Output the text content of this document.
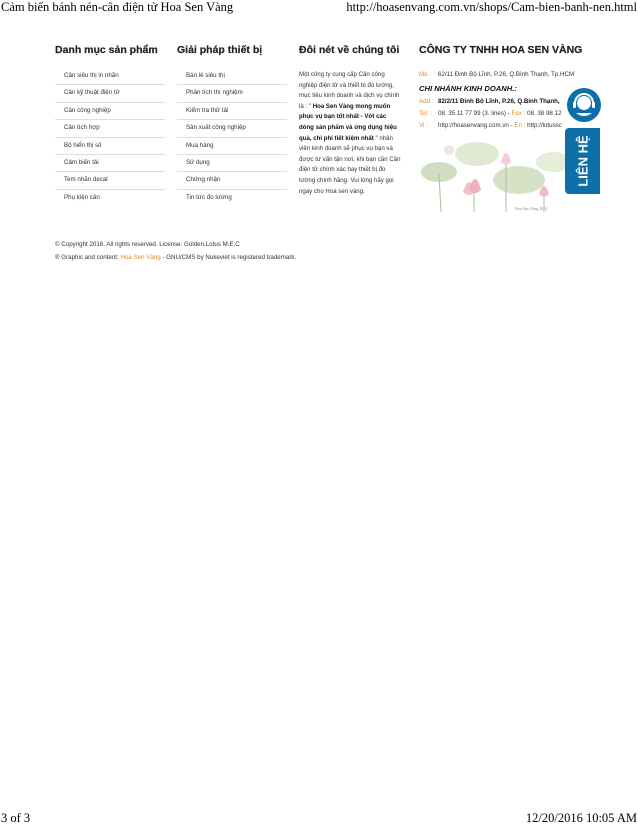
Cảm biến bánh nén-cân điện tử Hoa Sen Vàng	http://hoasenvang.com.vn/shops/Cam-bien-banh-nen.html
Danh mục sản phẩm
Cân siêu thị in nhãn
Cân kỹ thuật điện tử
Cân công nghiệp
Cân tích hợp
Bộ hiển thị số
Cảm biến tải
Tem nhãn decal
Phụ kiện cân
Giải pháp thiết bị
Bán lẻ siêu thị
Phân tích thí nghiệm
Kiểm tra thử tải
Sản xuất công nghiệp
Mua hàng
Sử dụng
Chứng nhận
Tin tức đo lường
Đôi nét về chúng tôi
Một công ty cung cấp Cân công nghiệp điện tử và thiết bị đo lường, mục tiêu kinh doanh và dịch vụ chính là : " Hoa Sen Vàng mong muốn phục vụ bạn tốt nhất - Với các dòng sản phẩm và ứng dụng hiệu quả, chi phí tiết kiệm nhất " nhân viên kinh doanh sẽ phục vụ bạn và được tư vấn tận nơi, khi bạn cần Cân điện tử chính xác hay thiết bị đo lường chính hãng. Vui lòng hãy gọi ngay cho Hoa sen vàng.
CÔNG TY TNHH HOA SEN VÀNG
Mo : 62/11 Đinh Bộ Lĩnh, P.26, Q.Bình Thạnh, Tp.HCM
CHI NHÁNH KINH DOANH.:
Add : 82/2/11 Đinh Bộ Lĩnh, P.26, Q.Bình Thạnh,
Tel. : 08. 35 11 77 99 (3. lines) - Fax : 08. 38 98 12
Vi : http://hoasenvang.com.vn - En : http://lotussc
Hoa Sen Vàng 2014
LIÊN HỆ
© Copyright 2016. All rights reserved. License: Golden.Lotus M.E.C
® Graphic and content: Hoa Sen Vàng - GNU/CMS by Nukeviet is registered trademark.
3 of 3	12/20/2016 10:05 AM
